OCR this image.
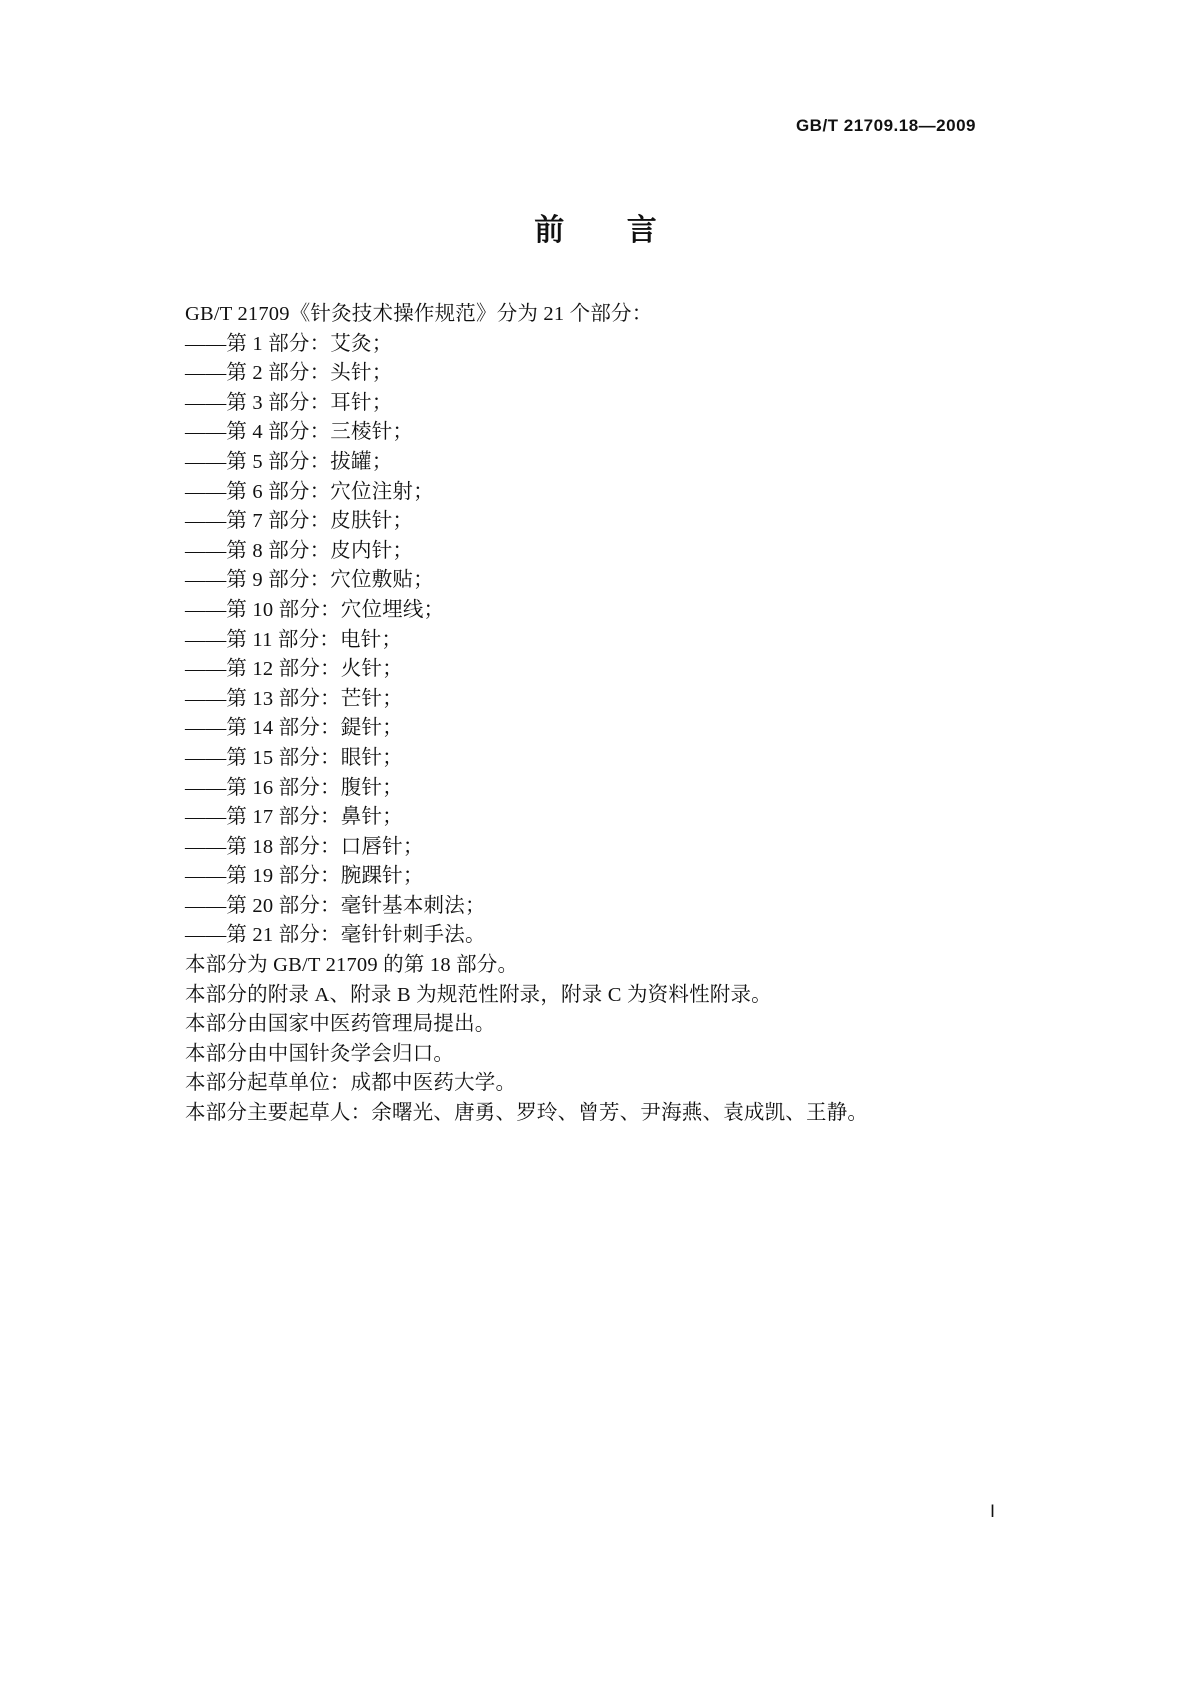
GB/T 21709.18—2009
前 言
GB/T 21709《针灸技术操作规范》分为 21 个部分：
——第 1 部分：艾灸；
——第 2 部分：头针；
——第 3 部分：耳针；
——第 4 部分：三棱针；
——第 5 部分：拔罐；
——第 6 部分：穴位注射；
——第 7 部分：皮肤针；
——第 8 部分：皮内针；
——第 9 部分：穴位敷贴；
——第 10 部分：穴位埋线；
——第 11 部分：电针；
——第 12 部分：火针；
——第 13 部分：芒针；
——第 14 部分：鍉针；
——第 15 部分：眼针；
——第 16 部分：腹针；
——第 17 部分：鼻针；
——第 18 部分：口唇针；
——第 19 部分：腕踝针；
——第 20 部分：毫针基本刺法；
——第 21 部分：毫针针刺手法。
本部分为 GB/T 21709 的第 18 部分。
本部分的附录 A、附录 B 为规范性附录，附录 C 为资料性附录。
本部分由国家中医药管理局提出。
本部分由中国针灸学会归口。
本部分起草单位：成都中医药大学。
本部分主要起草人：余曙光、唐勇、罗玲、曾芳、尹海燕、袁成凯、王静。
Ⅰ
